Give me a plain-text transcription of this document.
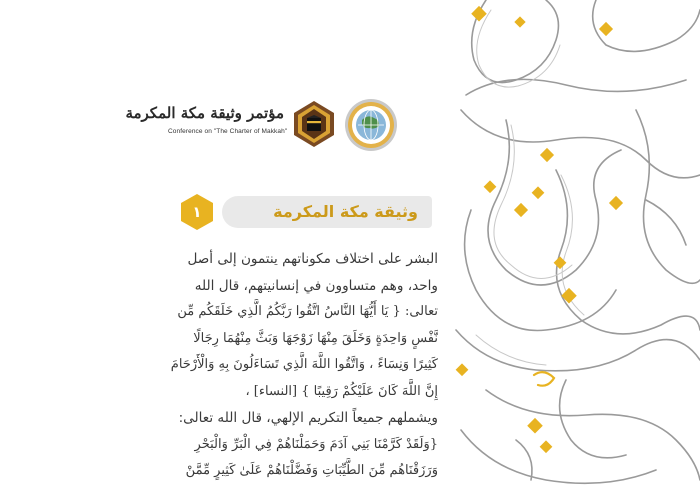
مؤتمر وثيقة مكة المكرمة
Conference on "The Charter of Makkah"
وثيقة مكة المكرمة
١
البشر على اختلاف مكوناتهم ينتمون إلى أصل
واحد، وهم متساوون في إنسانيتهم، قال الله
تعالى: { يَا أَيُّهَا النَّاسُ اتَّقُوا رَبَّكُمُ الَّذِي خَلَقَكُم مِّن
نَّفْسٍ وَاحِدَةٍ وَخَلَقَ مِنْهَا زَوْجَهَا وَبَثَّ مِنْهُمَا رِجَالًا
كَثِيرًا وَنِسَاءً ، وَاتَّقُوا اللَّهَ الَّذِي تَسَاءَلُونَ بِهِ وَالْأَرْحَامَ
إِنَّ اللَّهَ كَانَ عَلَيْكُمْ رَقِيبًا } [النساء] ،
ويشملهم جميعاً التكريم الإلهي، قال الله تعالى:
{وَلَقَدْ كَرَّمْنَا بَنِي آدَمَ وَحَمَلْنَاهُمْ فِي الْبَرِّ وَالْبَحْرِ
وَرَزَقْنَاهُم مِّنَ الطَّيِّبَاتِ وَفَضَّلْنَاهُمْ عَلَىٰ كَثِيرٍ مِّمَّنْ
